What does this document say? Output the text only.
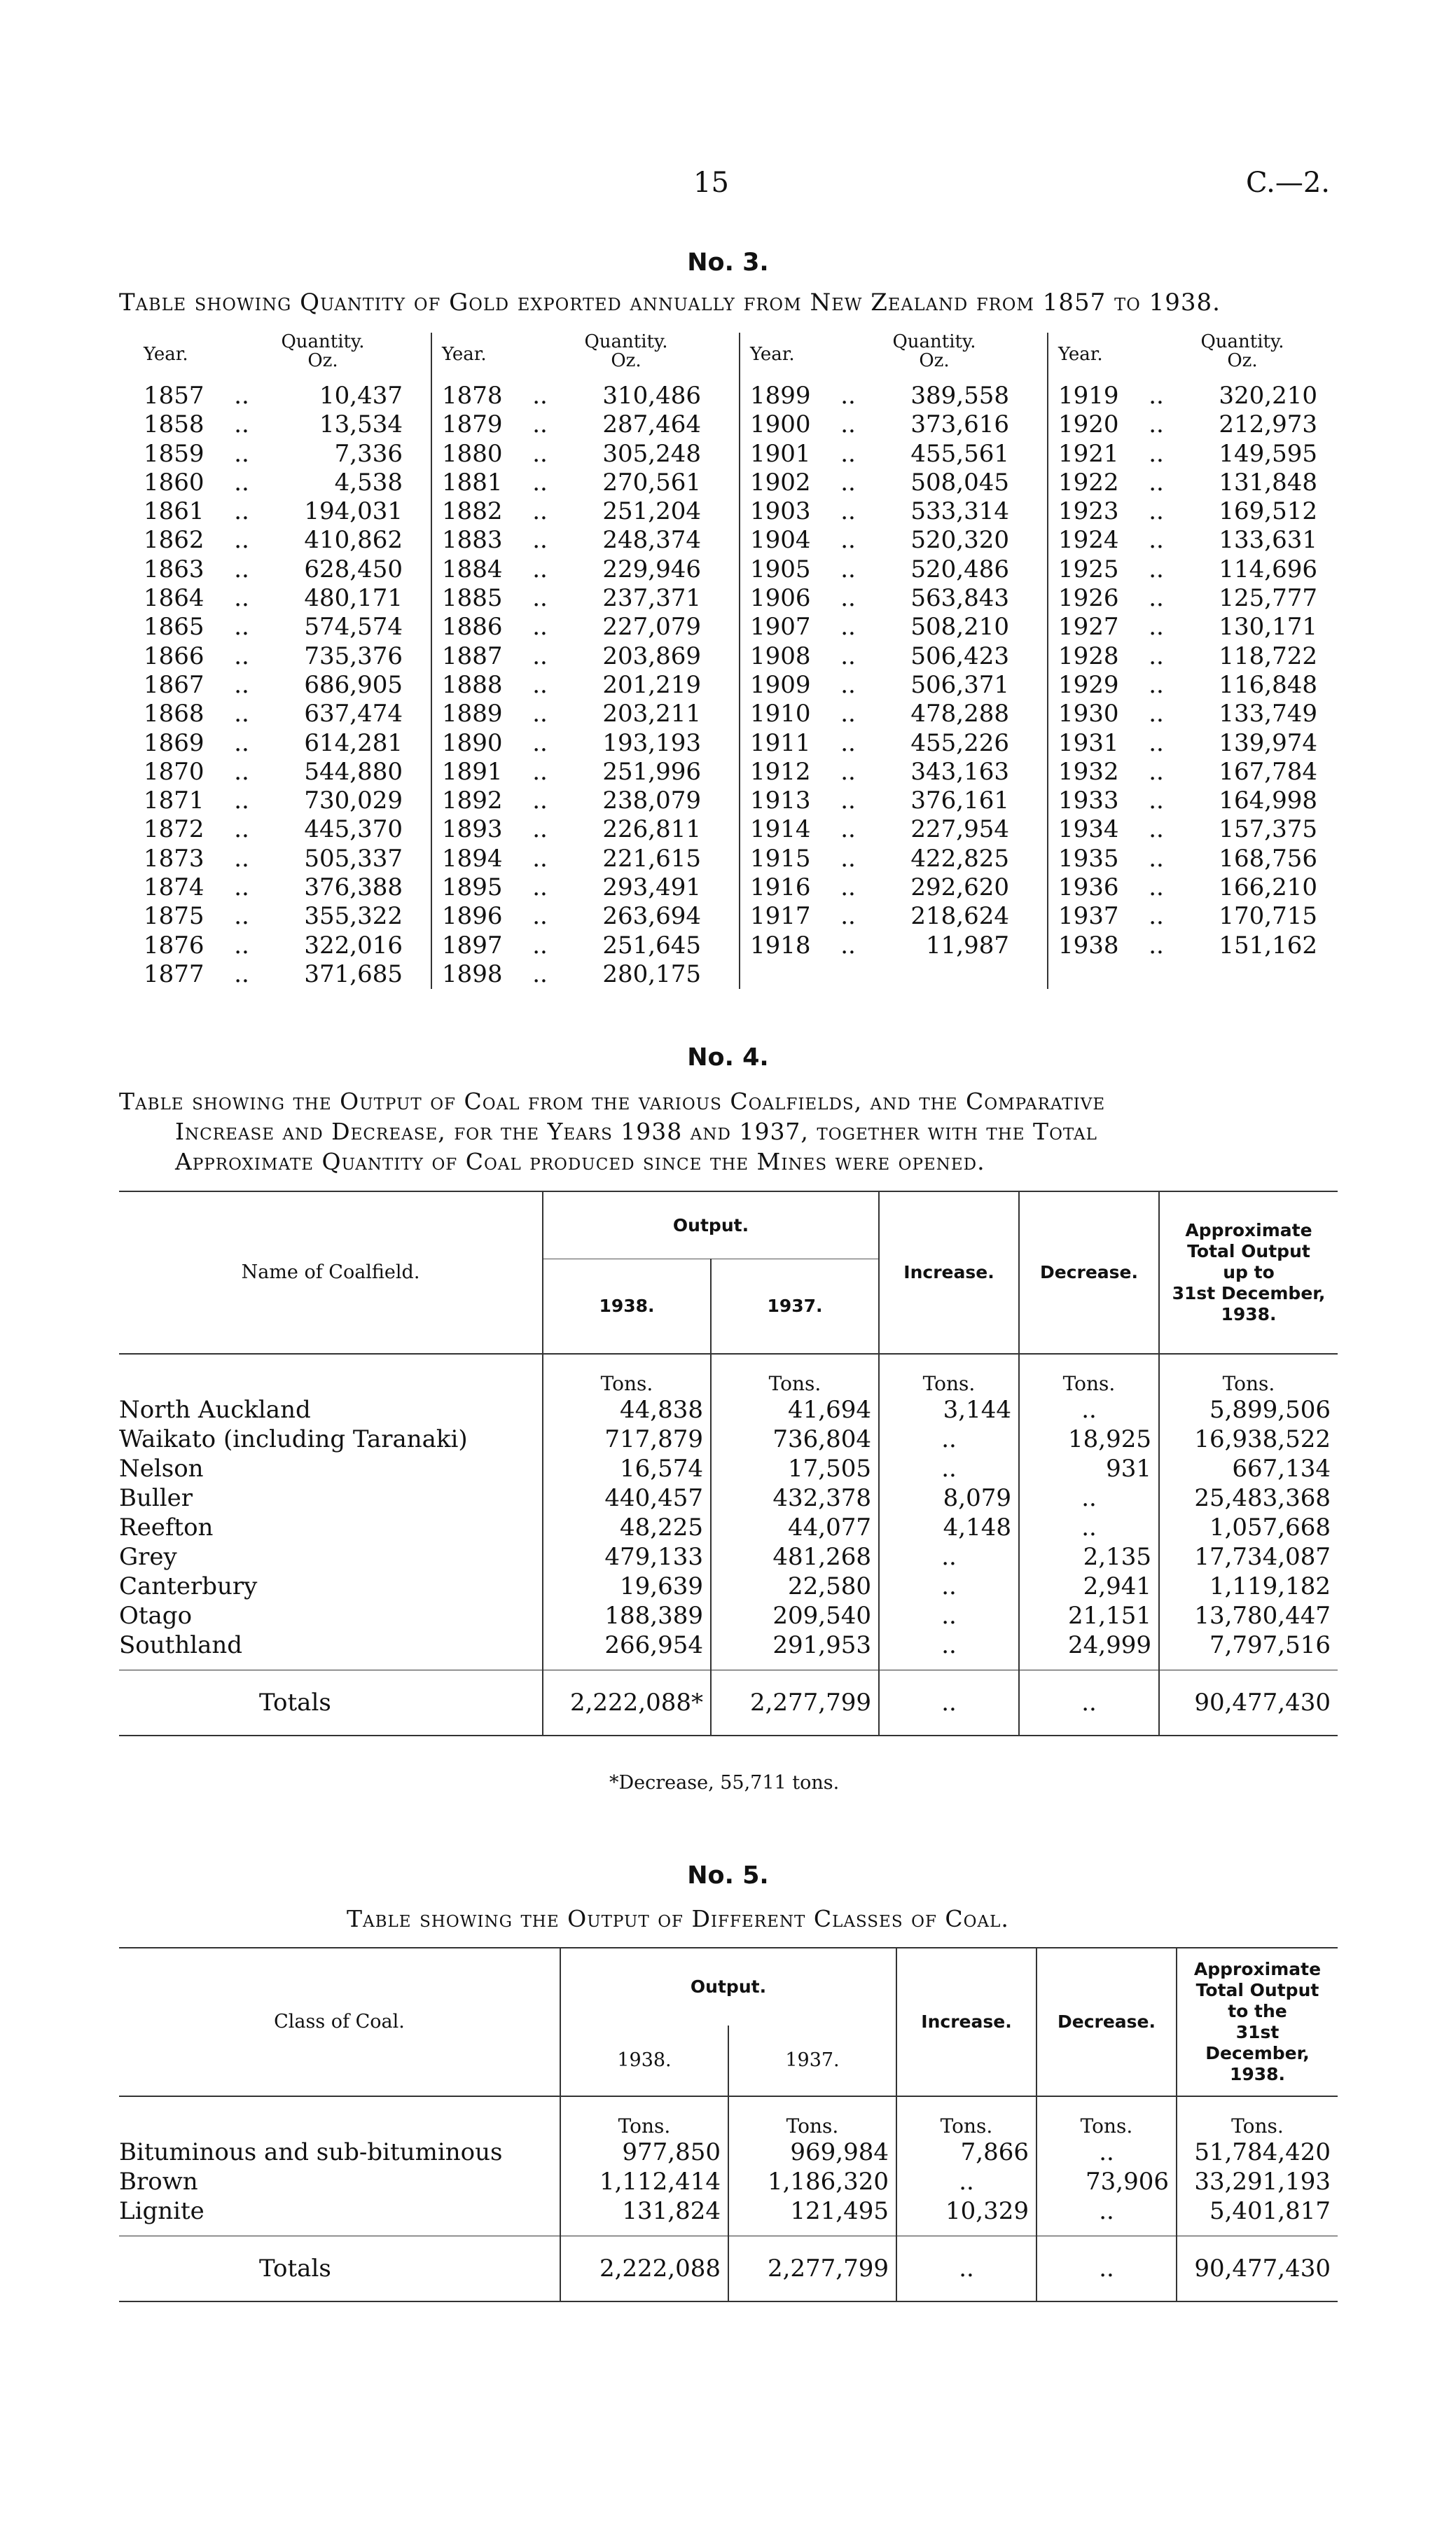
15	C.—2.
No. 3.
Table showing Quantity of Gold exported annually from New Zealand from 1857 to 1938.
Year.
Quantity.
Oz.
1857	..	10,437
1858	..	13,534
1859	..	7,336
1860	..	4,538
1861	..	194,031
1862	..	410,862
1863	..	628,450
1864	..	480,171
1865	..	574,574
1866	..	735,376
1867	..	686,905
1868	..	637,474
1869	..	614,281
1870	..	544,880
1871	..	730,029
1872	..	445,370
1873	..	505,337
1874	..	376,388
1875	..	355,322
1876	..	322,016
1877	..	371,685
Year.
Quantity.
Oz.
1878	..	310,486
1879	..	287,464
1880	..	305,248
1881	..	270,561
1882	..	251,204
1883	..	248,374
1884	..	229,946
1885	..	237,371
1886	..	227,079
1887	..	203,869
1888	..	201,219
1889	..	203,211
1890	..	193,193
1891	..	251,996
1892	..	238,079
1893	..	226,811
1894	..	221,615
1895	..	293,491
1896	..	263,694
1897	..	251,645
1898	..	280,175
Year.
Quantity.
Oz.
1899	..	389,558
1900	..	373,616
1901	..	455,561
1902	..	508,045
1903	..	533,314
1904	..	520,320
1905	..	520,486
1906	..	563,843
1907	..	508,210
1908	..	506,423
1909	..	506,371
1910	..	478,288
1911	..	455,226
1912	..	343,163
1913	..	376,161
1914	..	227,954
1915	..	422,825
1916	..	292,620
1917	..	218,624
1918	..	11,987
Year.
Quantity.
Oz.
1919	..	320,210
1920	..	212,973
1921	..	149,595
1922	..	131,848
1923	..	169,512
1924	..	133,631
1925	..	114,696
1926	..	125,777
1927	..	130,171
1928	..	118,722
1929	..	116,848
1930	..	133,749
1931	..	139,974
1932	..	167,784
1933	..	164,998
1934	..	157,375
1935	..	168,756
1936	..	166,210
1937	..	170,715
1938	..	151,162
No. 4.
Table showing the Output of Coal from the various Coalfields, and the Comparative
Increase and Decrease, for the Years 1938 and 1937, together with the Total
Approximate Quantity of Coal produced since the Mines were opened.
Name of Coalfield.	Output.		Increase.	Decrease.	Approximate
Total Output
up to
31st December,
1938.

	1938.	1937.			
	Tons.	Tons.	Tons.	Tons.	Tons.
North Auckland	44,838	41,694	3,144	..	5,899,506
Waikato (including Taranaki)	717,879	736,804	..	18,925	16,938,522
Nelson	16,574	17,505	..	931	667,134
Buller	440,457	432,378	8,079	..	25,483,368
Reefton	48,225	44,077	4,148	..	1,057,668
Grey	479,133	481,268	..	2,135	17,734,087
Canterbury	19,639	22,580	..	2,941	1,119,182
Otago	188,389	209,540	..	21,151	13,780,447
Southland	266,954	291,953	..	24,999	7,797,516

Totals	2,222,088*	2,277,799	..	..	90,477,430
*Decrease, 55,711 tons.
No. 5.
Table showing the Output of Different Classes of Coal.
Class of Coal.	Output.		Increase.	Decrease.	Approximate
Total Output
to the
31st December,
1938.

	1938.	1937.			
	Tons.	Tons.	Tons.	Tons.	Tons.
Bituminous and sub-bituminous	977,850	969,984	7,866	..	51,784,420
Brown	1,112,414	1,186,320	..	73,906	33,291,193
Lignite	131,824	121,495	10,329	..	5,401,817

Totals	2,222,088	2,277,799	..	..	90,477,430
